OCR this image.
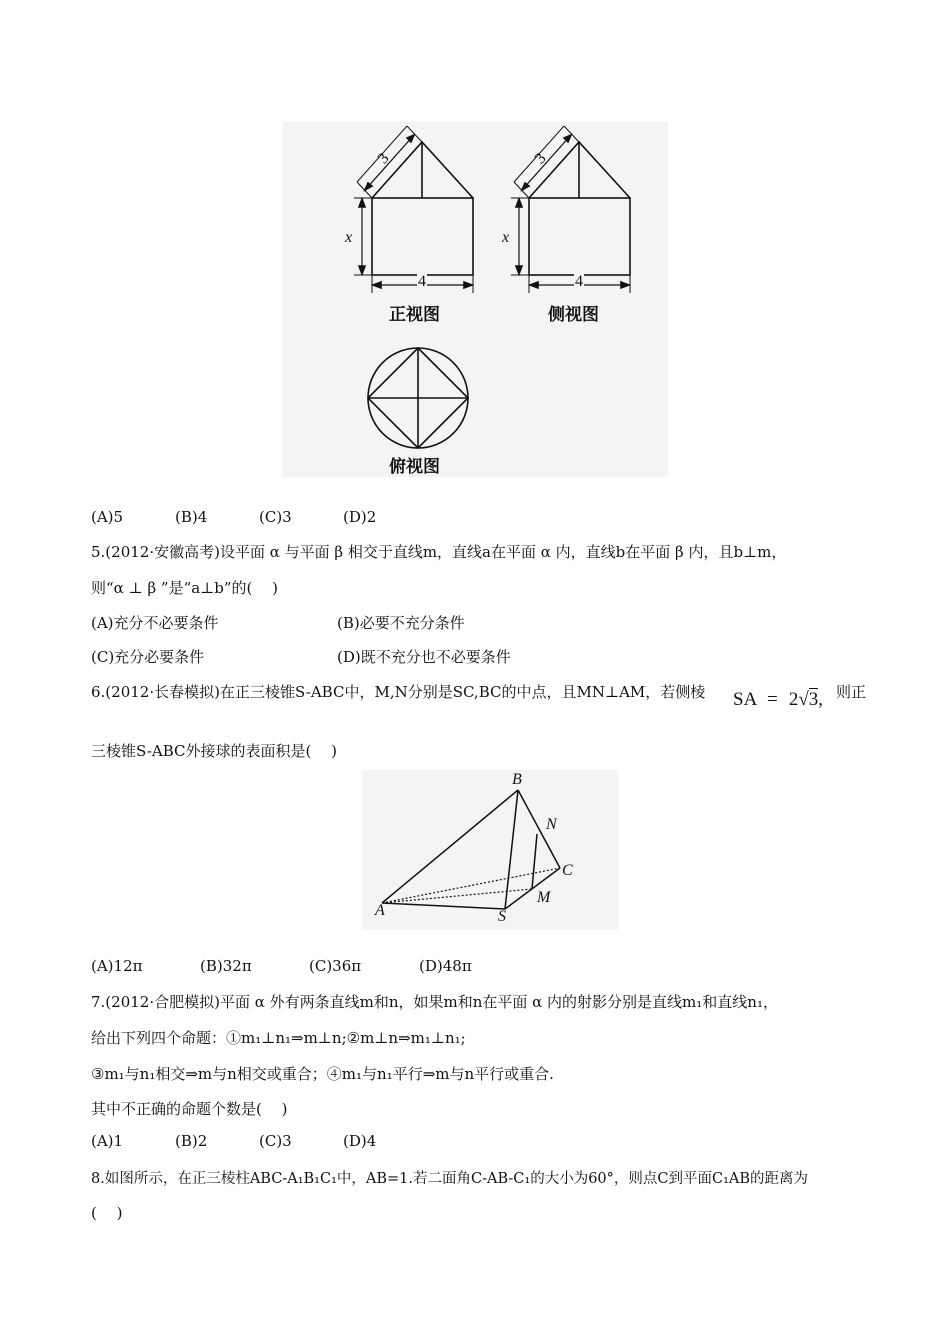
3
x
4
3
x
4
正视图	侧视图
俯视图
(A)5	(B)4	(C)3	(D)2
5.(2012·安徽高考)设平面 α 与平面 β 相交于直线m，直线a在平面 α 内，直线b在平面 β 内，且b⊥m，
则“α ⊥ β ”是“a⊥b”的(　 )
(A)充分不必要条件	(B)必要不充分条件
(C)充分必要条件	(D)既不充分也不必要条件
6.(2012·长春模拟)在正三棱锥S-ABC中，M,N分别是SC,BC的中点，且MN⊥AM，若侧棱 SA = 2√3, 则正
三棱锥S-ABC外接球的表面积是(　 )
B
N
C
A	S
M
(A)12π	(B)32π	(C)36π	(D)48π
7.(2012·合肥模拟)平面 α 外有两条直线m和n，如果m和n在平面 α 内的射影分别是直线m₁和直线n₁，
给出下列四个命题：①m₁⊥n₁⇒m⊥n;②m⊥n⇒m₁⊥n₁;
③m₁与n₁相交⇒m与n相交或重合；④m₁与n₁平行⇒m与n平行或重合.
其中不正确的命题个数是(　 )
(A)1	(B)2	(C)3	(D)4
8.如图所示，在正三棱柱ABC-A₁B₁C₁中，AB=1.若二面角C-AB-C₁的大小为60°，则点C到平面C₁AB的距离为
(　 )
